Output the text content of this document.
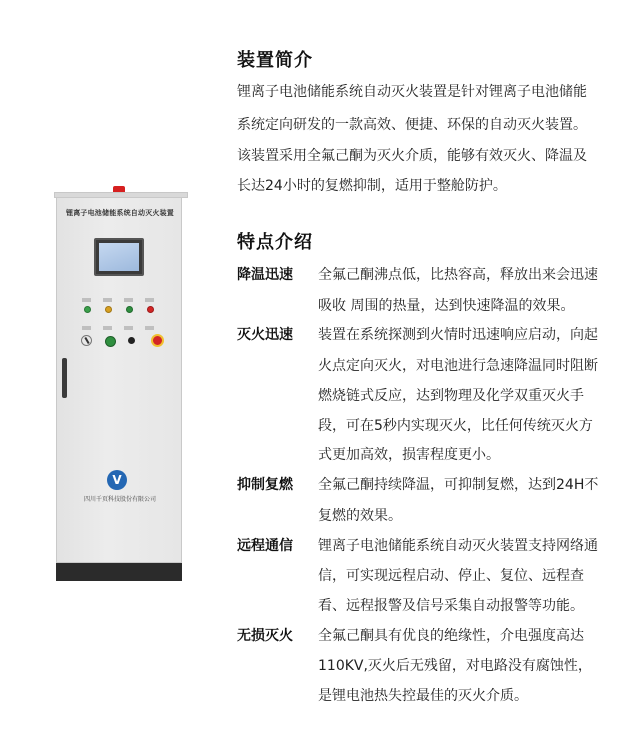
锂离子电池储能系统自动灭火装置
V
四川千页科技股份有限公司
装置简介
锂离子电池储能系统自动灭火装置是针对锂离子电池储能
系统定向研发的一款高效、便捷、环保的自动灭火装置。
该装置采用全氟己酮为灭火介质，能够有效灭火、降温及
长达24小时的复燃抑制，适用于整舱防护。
特点介绍
降温迅速 全氟己酮沸点低，比热容高，释放出来会迅速
吸收 周围的热量，达到快速降温的效果。
灭火迅速 装置在系统探测到火情时迅速响应启动，向起
火点定向灭火，对电池进行急速降温同时阻断
燃烧链式反应，达到物理及化学双重灭火手
段，可在5秒内实现灭火，比任何传统灭火方
式更加高效，损害程度更小。
抑制复燃 全氟己酮持续降温，可抑制复燃，达到24H不
复燃的效果。
远程通信 锂离子电池储能系统自动灭火装置支持网络通
信，可实现远程启动、停止、复位、远程查
看、远程报警及信号采集自动报警等功能。
无损灭火 全氟己酮具有优良的绝缘性，介电强度高达
110KV,灭火后无残留，对电路没有腐蚀性，
是锂电池热失控最佳的灭火介质。
